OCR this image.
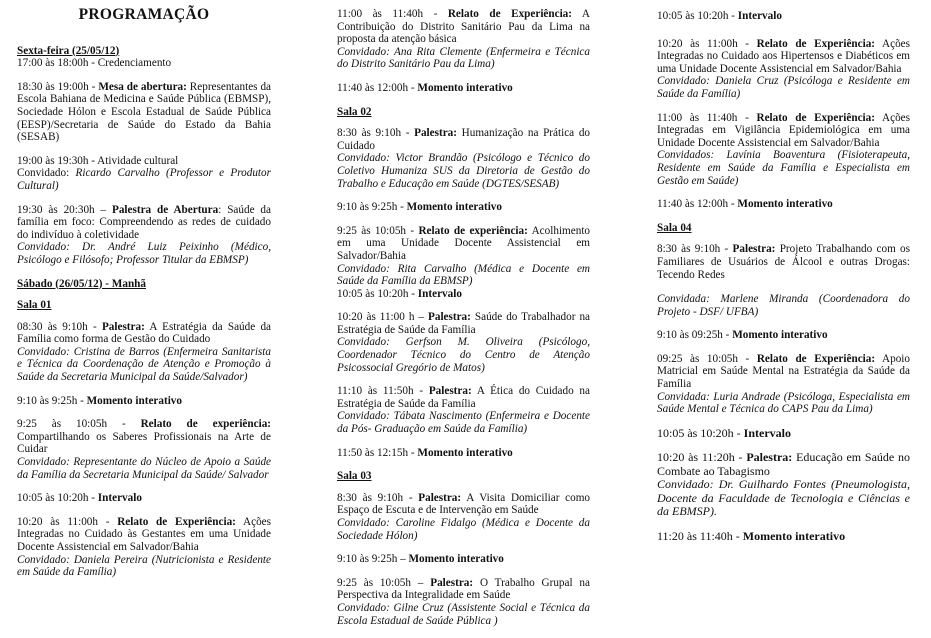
PROGRAMAÇÃO
Sexta-feira (25/05/12)
17:00 às 18:00h - Credenciamento
18:30 às 19:00h - Mesa de abertura: Representantes da Escola Bahiana de Medicina e Saúde Pública (EBMSP), Sociedade Hólon e Escola Estadual de Saúde Pública (EESP)/Secretaria de Saúde do Estado da Bahia (SESAB)
19:00 às 19:30h - Atividade cultural
Convidado: Ricardo Carvalho (Professor e Produtor Cultural)
19:30 às 20:30h – Palestra de Abertura: Saúde da família em foco: Compreendendo as redes de cuidado do indivíduo à coletividade
Convidado: Dr. André Luiz Peixinho (Médico, Psicólogo e Filósofo; Professor Titular da EBMSP)
Sábado (26/05/12) - Manhã
Sala 01
08:30 às 9:10h - Palestra: A Estratégia da Saúde da Família como forma de Gestão do Cuidado
Convidado: Cristina de Barros (Enfermeira Sanitarista e Técnica da Coordenação de Atenção e Promoção à Saúde da Secretaria Municipal da Saúde/Salvador)
9:10 às 9:25h - Momento interativo
9:25 às 10:05h - Relato de experiência: Compartilhando os Saberes Profissionais na Arte de Cuidar
Convidado: Representante do Núcleo de Apoio a Saúde da Família da Secretaria Municipal da Saúde/ Salvador
10:05 às 10:20h - Intervalo
10:20 às 11:00h - Relato de Experiência: Ações Integradas no Cuidado às Gestantes em uma Unidade Docente Assistencial em Salvador/Bahia
Convidado: Daniela Pereira (Nutricionista e Residente em Saúde da Família)
11:00 às 11:40h - Relato de Experiência: A Contribuição do Distrito Sanitário Pau da Lima na proposta da atenção básica
Convidado: Ana Rita Clemente (Enfermeira e Técnica do Distrito Sanitário Pau da Lima)
11:40 às 12:00h - Momento interativo
Sala 02
8:30 às 9:10h - Palestra: Humanização na Prática do Cuidado
Convidado: Victor Brandão (Psicólogo e Técnico do Coletivo Humaniza SUS da Diretoria de Gestão do Trabalho e Educação em Saúde (DGTES/SESAB)
9:10 às 9:25h - Momento interativo
9:25 às 10:05h - Relato de experiência: Acolhimento em uma Unidade Docente Assistencial em Salvador/Bahia
Convidado: Rita Carvalho (Médica e Docente em Saúde da Família da EBMSP)
10:05 às 10:20h - Intervalo
10:20 às 11:00 h – Palestra: Saúde do Trabalhador na Estratégia de Saúde da Família
Convidado: Gerfson M. Oliveira (Psicólogo, Coordenador Técnico do Centro de Atenção Psicossocial Gregório de Matos)
11:10 às 11:50h - Palestra: A Ética do Cuidado na Estratégia de Saúde da Família
Convidado: Tábata Nascimento (Enfermeira e Docente da Pós- Graduação em Saúde da Família)
11:50 às 12:15h - Momento interativo
Sala 03
8:30 às 9:10h - Palestra: A Visita Domiciliar como Espaço de Escuta e de Intervenção em Saúde
Convidado: Caroline Fidalgo (Médica e Docente da Sociedade Hólon)
9:10 às 9:25h – Momento interativo
9:25 às 10:05h – Palestra: O Trabalho Grupal na Perspectiva da Integralidade em Saúde
Convidado: Gilne Cruz (Assistente Social e Técnica da Escola Estadual de Saúde Pública )
10:05 às 10:20h - Intervalo
10:20 às 11:00h - Relato de Experiência: Ações Integradas no Cuidado aos Hipertensos e Diabéticos em uma Unidade Docente Assistencial em Salvador/Bahia
Convidado: Daniela Cruz (Psicóloga e Residente em Saúde da Família)
11:00 às 11:40h - Relato de Experiência: Ações Integradas em Vigilância Epidemiológica em uma Unidade Docente Assistencial em Salvador/Bahia
Convidados: Lavínia Boaventura (Fisioterapeuta, Residente em Saúde da Família e Especialista em Gestão em Saúde)
11:40 às 12:00h - Momento interativo
Sala 04
8:30 às 9:10h - Palestra: Projeto Trabalhando com os Familiares de Usuários de Álcool e outras Drogas: Tecendo Redes
Convidada: Marlene Miranda (Coordenadora do Projeto - DSF/ UFBA)
9:10 às 09:25h - Momento interativo
09:25 às 10:05h - Relato de Experiência: Apoio Matricial em Saúde Mental na Estratégia da Saúde da Família
Convidada: Luria Andrade (Psicóloga, Especialista em Saúde Mental e Técnica do CAPS Pau da Lima)
10:05 às 10:20h - Intervalo
10:20 às 11:20h - Palestra: Educação em Saúde no Combate ao Tabagismo
Convidado: Dr. Guilhardo Fontes (Pneumologista, Docente da Faculdade de Tecnologia e Ciências e da EBMSP).
11:20 às 11:40h - Momento interativo
